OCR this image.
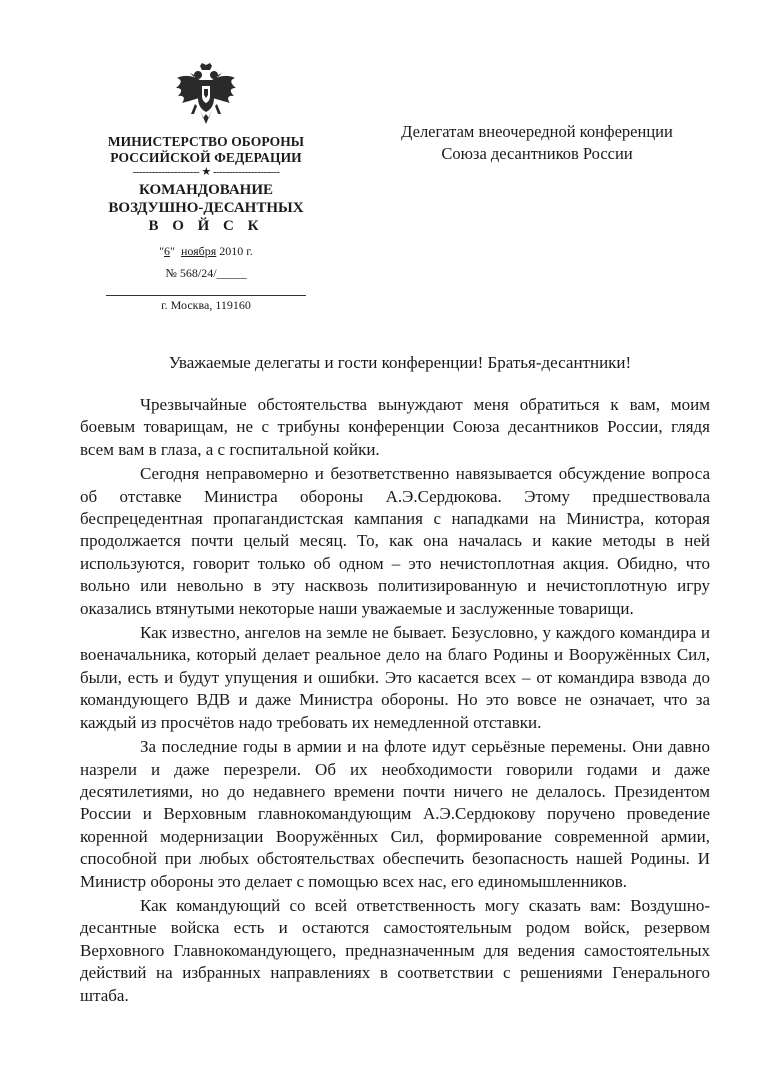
МИНИСТЕРСТВО ОБОРОНЫ
РОССИЙСКОЙ ФЕДЕРАЦИИ
--------------------- ★ ---------------------
КОМАНДОВАНИЕ
ВОЗДУШНО-ДЕСАНТНЫХ
В О Й С К
"6"  ноября 2010 г.
№ 568/24/_____
г. Москва, 119160
Делегатам внеочередной конференции
Союза десантников России
Уважаемые делегаты и гости конференции! Братья-десантники!

Чрезвычайные обстоятельства вынуждают меня обратиться к вам, моим боевым товарищам, не с трибуны конференции Союза десантников России, глядя всем вам в глаза, а с госпитальной койки.

Сегодня неправомерно и безответственно навязывается обсуждение вопроса об отставке Министра обороны А.Э.Сердюкова. Этому предшествовала беспрецедентная пропагандистская кампания с нападками на Министра, которая продолжается почти целый месяц. То, как она началась и какие методы в ней используются, говорит только об одном – это нечистоплотная акция. Обидно, что вольно или невольно в эту насквозь политизированную и нечистоплотную игру оказались втянутыми некоторые наши уважаемые и заслуженные товарищи.

Как известно, ангелов на земле не бывает. Безусловно, у каждого командира и военачальника, который делает реальное дело на благо Родины и Вооружённых Сил, были, есть и будут упущения и ошибки. Это касается всех – от командира взвода до командующего ВДВ и даже Министра обороны. Но это вовсе не означает, что за каждый из просчётов надо требовать их немедленной отставки.

За последние годы в армии и на флоте идут серьёзные перемены. Они давно назрели и даже перезрели. Об их необходимости говорили годами и даже десятилетиями, но до недавнего времени почти ничего не делалось. Президентом России и Верховным главнокомандующим А.Э.Сердюкову поручено проведение коренной модернизации Вооружённых Сил, формирование современной армии, способной при любых обстоятельствах обеспечить безопасность нашей Родины. И Министр обороны это делает с помощью всех нас, его единомышленников.

Как командующий со всей ответственность могу сказать вам: Воздушно-десантные войска есть и остаются самостоятельным родом войск, резервом Верховного Главнокомандующего, предназначенным для ведения самостоятельных действий на избранных направлениях в соответствии с решениями Генерального штаба.
